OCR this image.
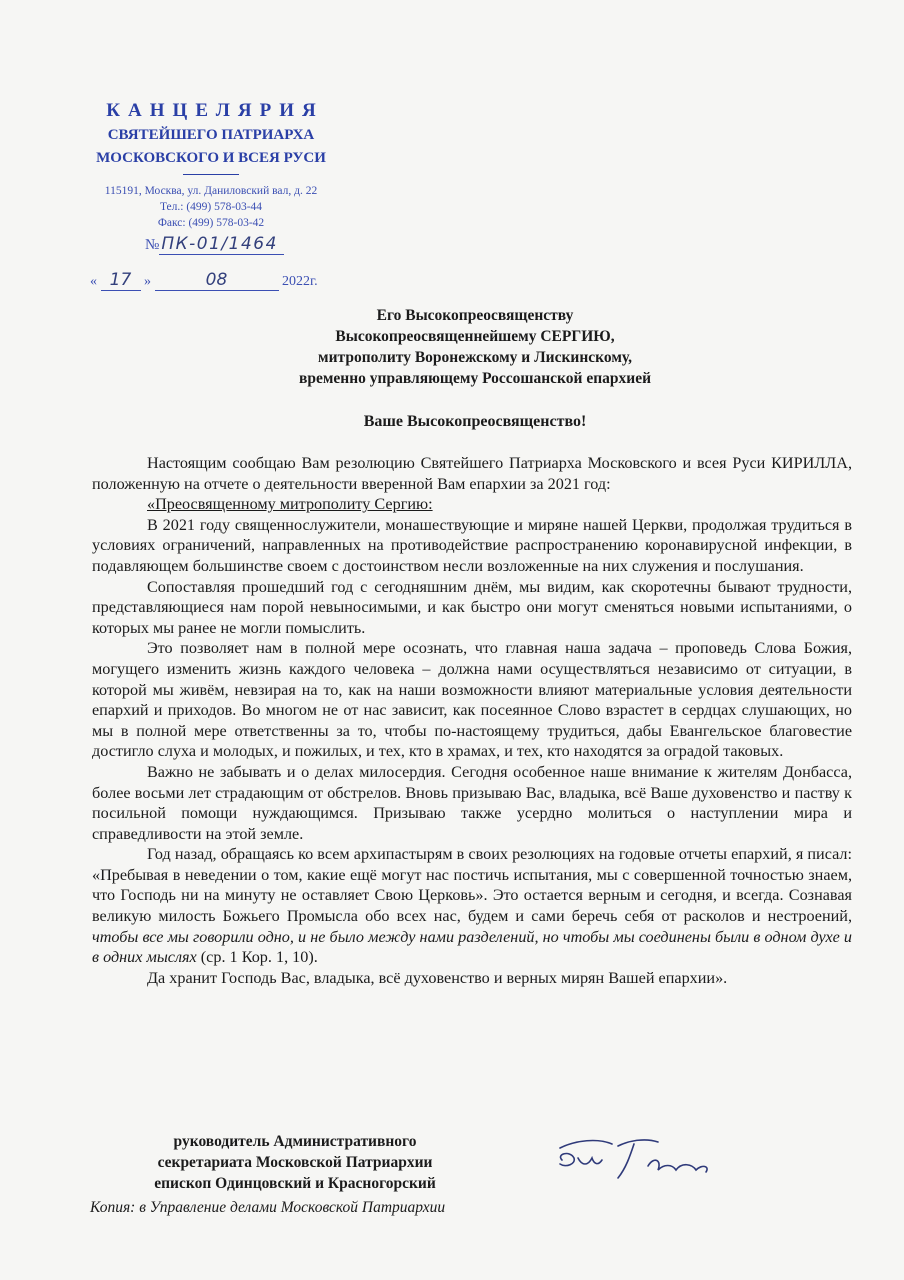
КАНЦЕЛЯРИЯ
СВЯТЕЙШЕГО ПАТРИАРХА
МОСКОВСКОГО И ВСЕЯ РУСИ
115191, Москва, ул. Даниловский вал, д. 22
Тел.: (499) 578-03-44
Факс: (499) 578-03-42
№ ПК-01/1464
« 17 »	08	2022г.
Его Высокопреосвященству
Высокопреосвященнейшему СЕРГИЮ,
митрополиту Воронежскому и Лискинскому,
временно управляющему Россошанской епархией
Ваше Высокопреосвященство!

Настоящим сообщаю Вам резолюцию Святейшего Патриарха Московского и всея Руси КИРИЛЛА, положенную на отчете о деятельности вверенной Вам епархии за 2021 год:

«Преосвященному митрополиту Сергию:

В 2021 году священнослужители, монашествующие и миряне нашей Церкви, продолжая трудиться в условиях ограничений, направленных на противодействие распространению коронавирусной инфекции, в подавляющем большинстве своем с достоинством несли возложенные на них служения и послушания.

Сопоставляя прошедший год с сегодняшним днём, мы видим, как скоротечны бывают трудности, представляющиеся нам порой невыносимыми, и как быстро они могут сменяться новыми испытаниями, о которых мы ранее не могли помыслить.

Это позволяет нам в полной мере осознать, что главная наша задача – проповедь Слова Божия, могущего изменить жизнь каждого человека – должна нами осуществляться независимо от ситуации, в которой мы живём, невзирая на то, как на наши возможности влияют материальные условия деятельности епархий и приходов. Во многом не от нас зависит, как посеянное Слово взрастет в сердцах слушающих, но мы в полной мере ответственны за то, чтобы по-настоящему трудиться, дабы Евангельское благовестие достигло слуха и молодых, и пожилых, и тех, кто в храмах, и тех, кто находятся за оградой таковых.

Важно не забывать и о делах милосердия. Сегодня особенное наше внимание к жителям Донбасса, более восьми лет страдающим от обстрелов. Вновь призываю Вас, владыка, всё Ваше духовенство и паству к посильной помощи нуждающимся. Призываю также усердно молиться о наступлении мира и справедливости на этой земле.

Год назад, обращаясь ко всем архипастырям в своих резолюциях на годовые отчеты епархий, я писал: «Пребывая в неведении о том, какие ещё могут нас постичь испытания, мы с совершенной точностью знаем, что Господь ни на минуту не оставляет Свою Церковь». Это остается верным и сегодня, и всегда. Сознавая великую милость Божьего Промысла обо всех нас, будем и сами беречь себя от расколов и нестроений, чтобы все мы говорили одно, и не было между нами разделений, но чтобы мы соединены были в одном духе и в одних мыслях (ср. 1 Кор. 1, 10).

Да хранит Господь Вас, владыка, всё духовенство и верных мирян Вашей епархии».

руководитель Административного
секретариата Московской Патриархии
епископ Одинцовский и Красногорский
Копия: в Управление делами Московской Патриархии
